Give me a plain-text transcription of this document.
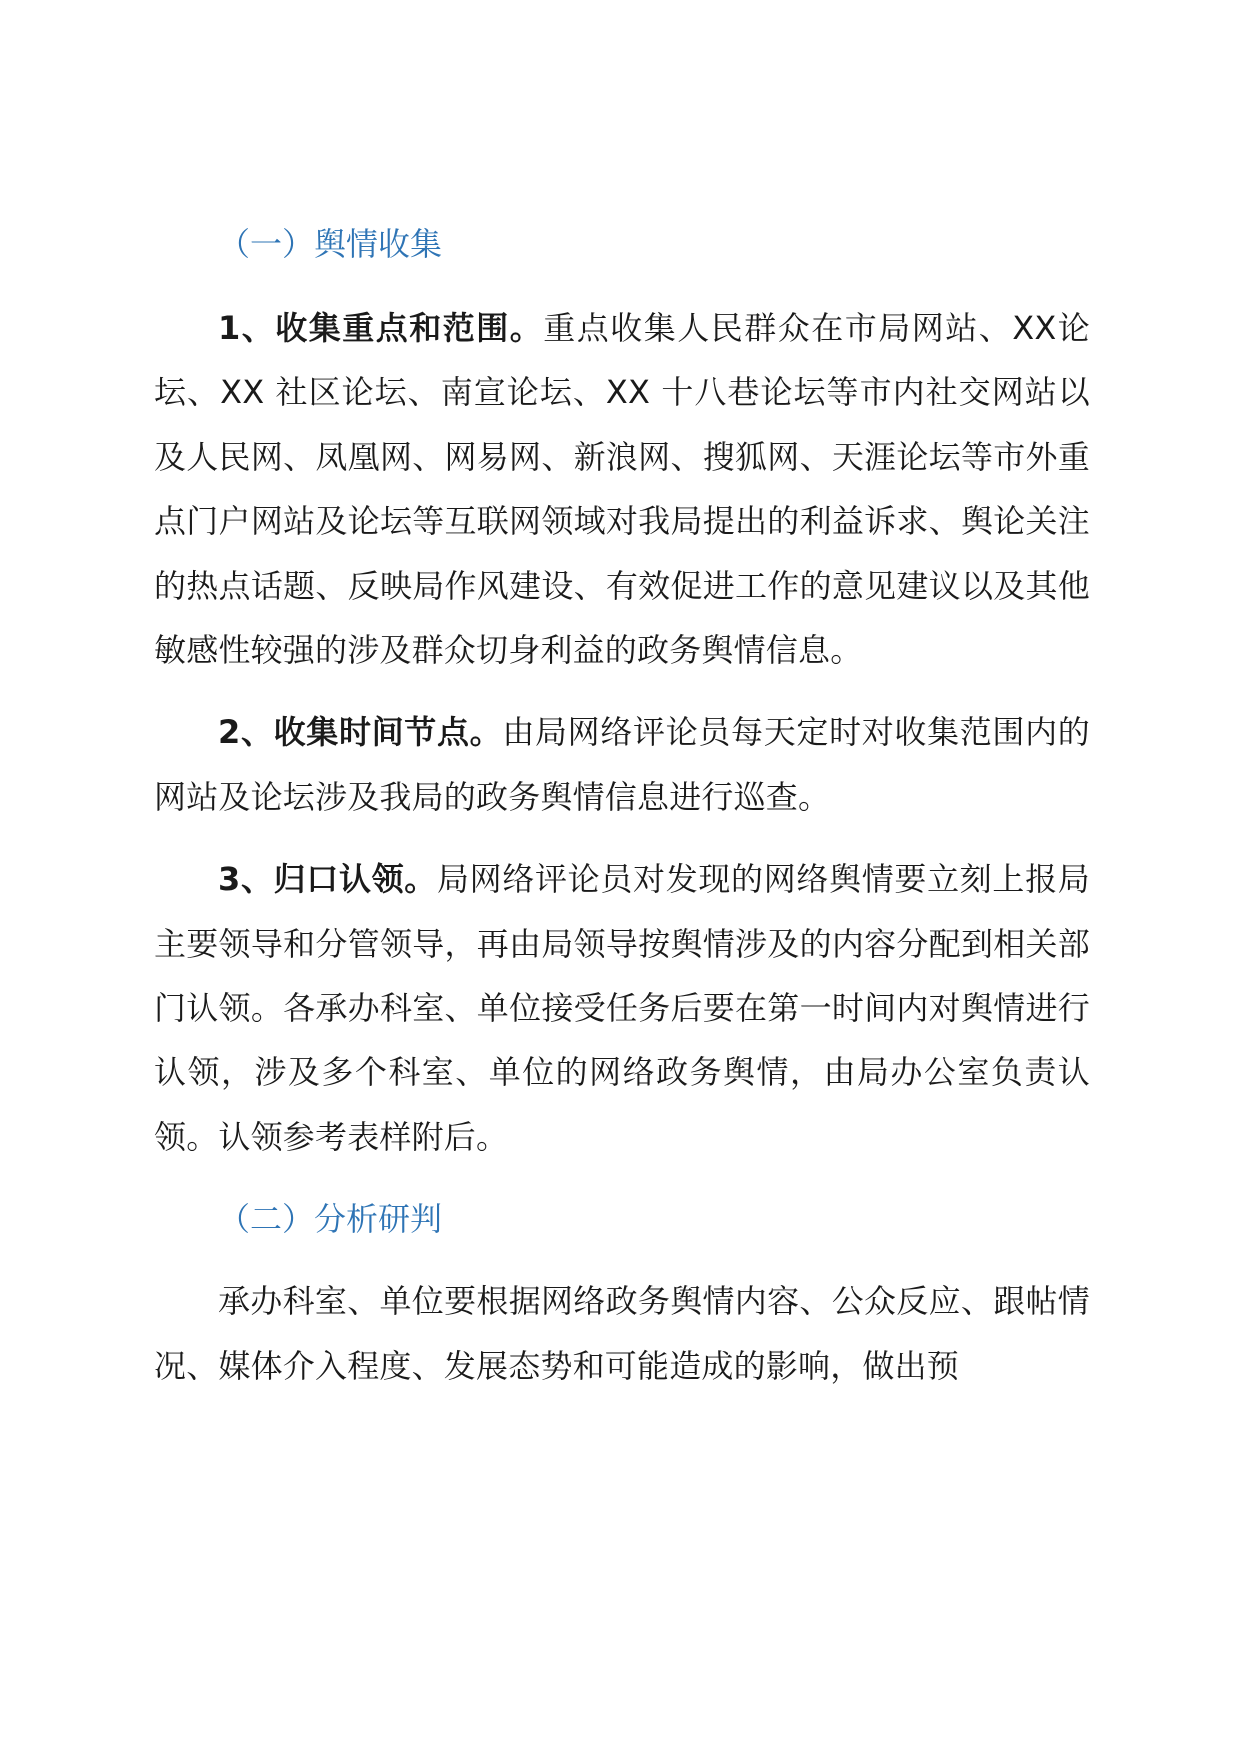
（一）舆情收集

1、收集重点和范围。重点收集人民群众在市局网站、XX论坛、XX 社区论坛、南宣论坛、XX 十八巷论坛等市内社交网站以及人民网、凤凰网、网易网、新浪网、搜狐网、天涯论坛等市外重点门户网站及论坛等互联网领域对我局提出的利益诉求、舆论关注的热点话题、反映局作风建设、有效促进工作的意见建议以及其他敏感性较强的涉及群众切身利益的政务舆情信息。

2、收集时间节点。由局网络评论员每天定时对收集范围内的网站及论坛涉及我局的政务舆情信息进行巡查。

3、归口认领。局网络评论员对发现的网络舆情要立刻上报局主要领导和分管领导，再由局领导按舆情涉及的内容分配到相关部门认领。各承办科室、单位接受任务后要在第一时间内对舆情进行认领，涉及多个科室、单位的网络政务舆情，由局办公室负责认领。认领参考表样附后。

（二）分析研判

承办科室、单位要根据网络政务舆情内容、公众反应、跟帖情况、媒体介入程度、发展态势和可能造成的影响，做出预
